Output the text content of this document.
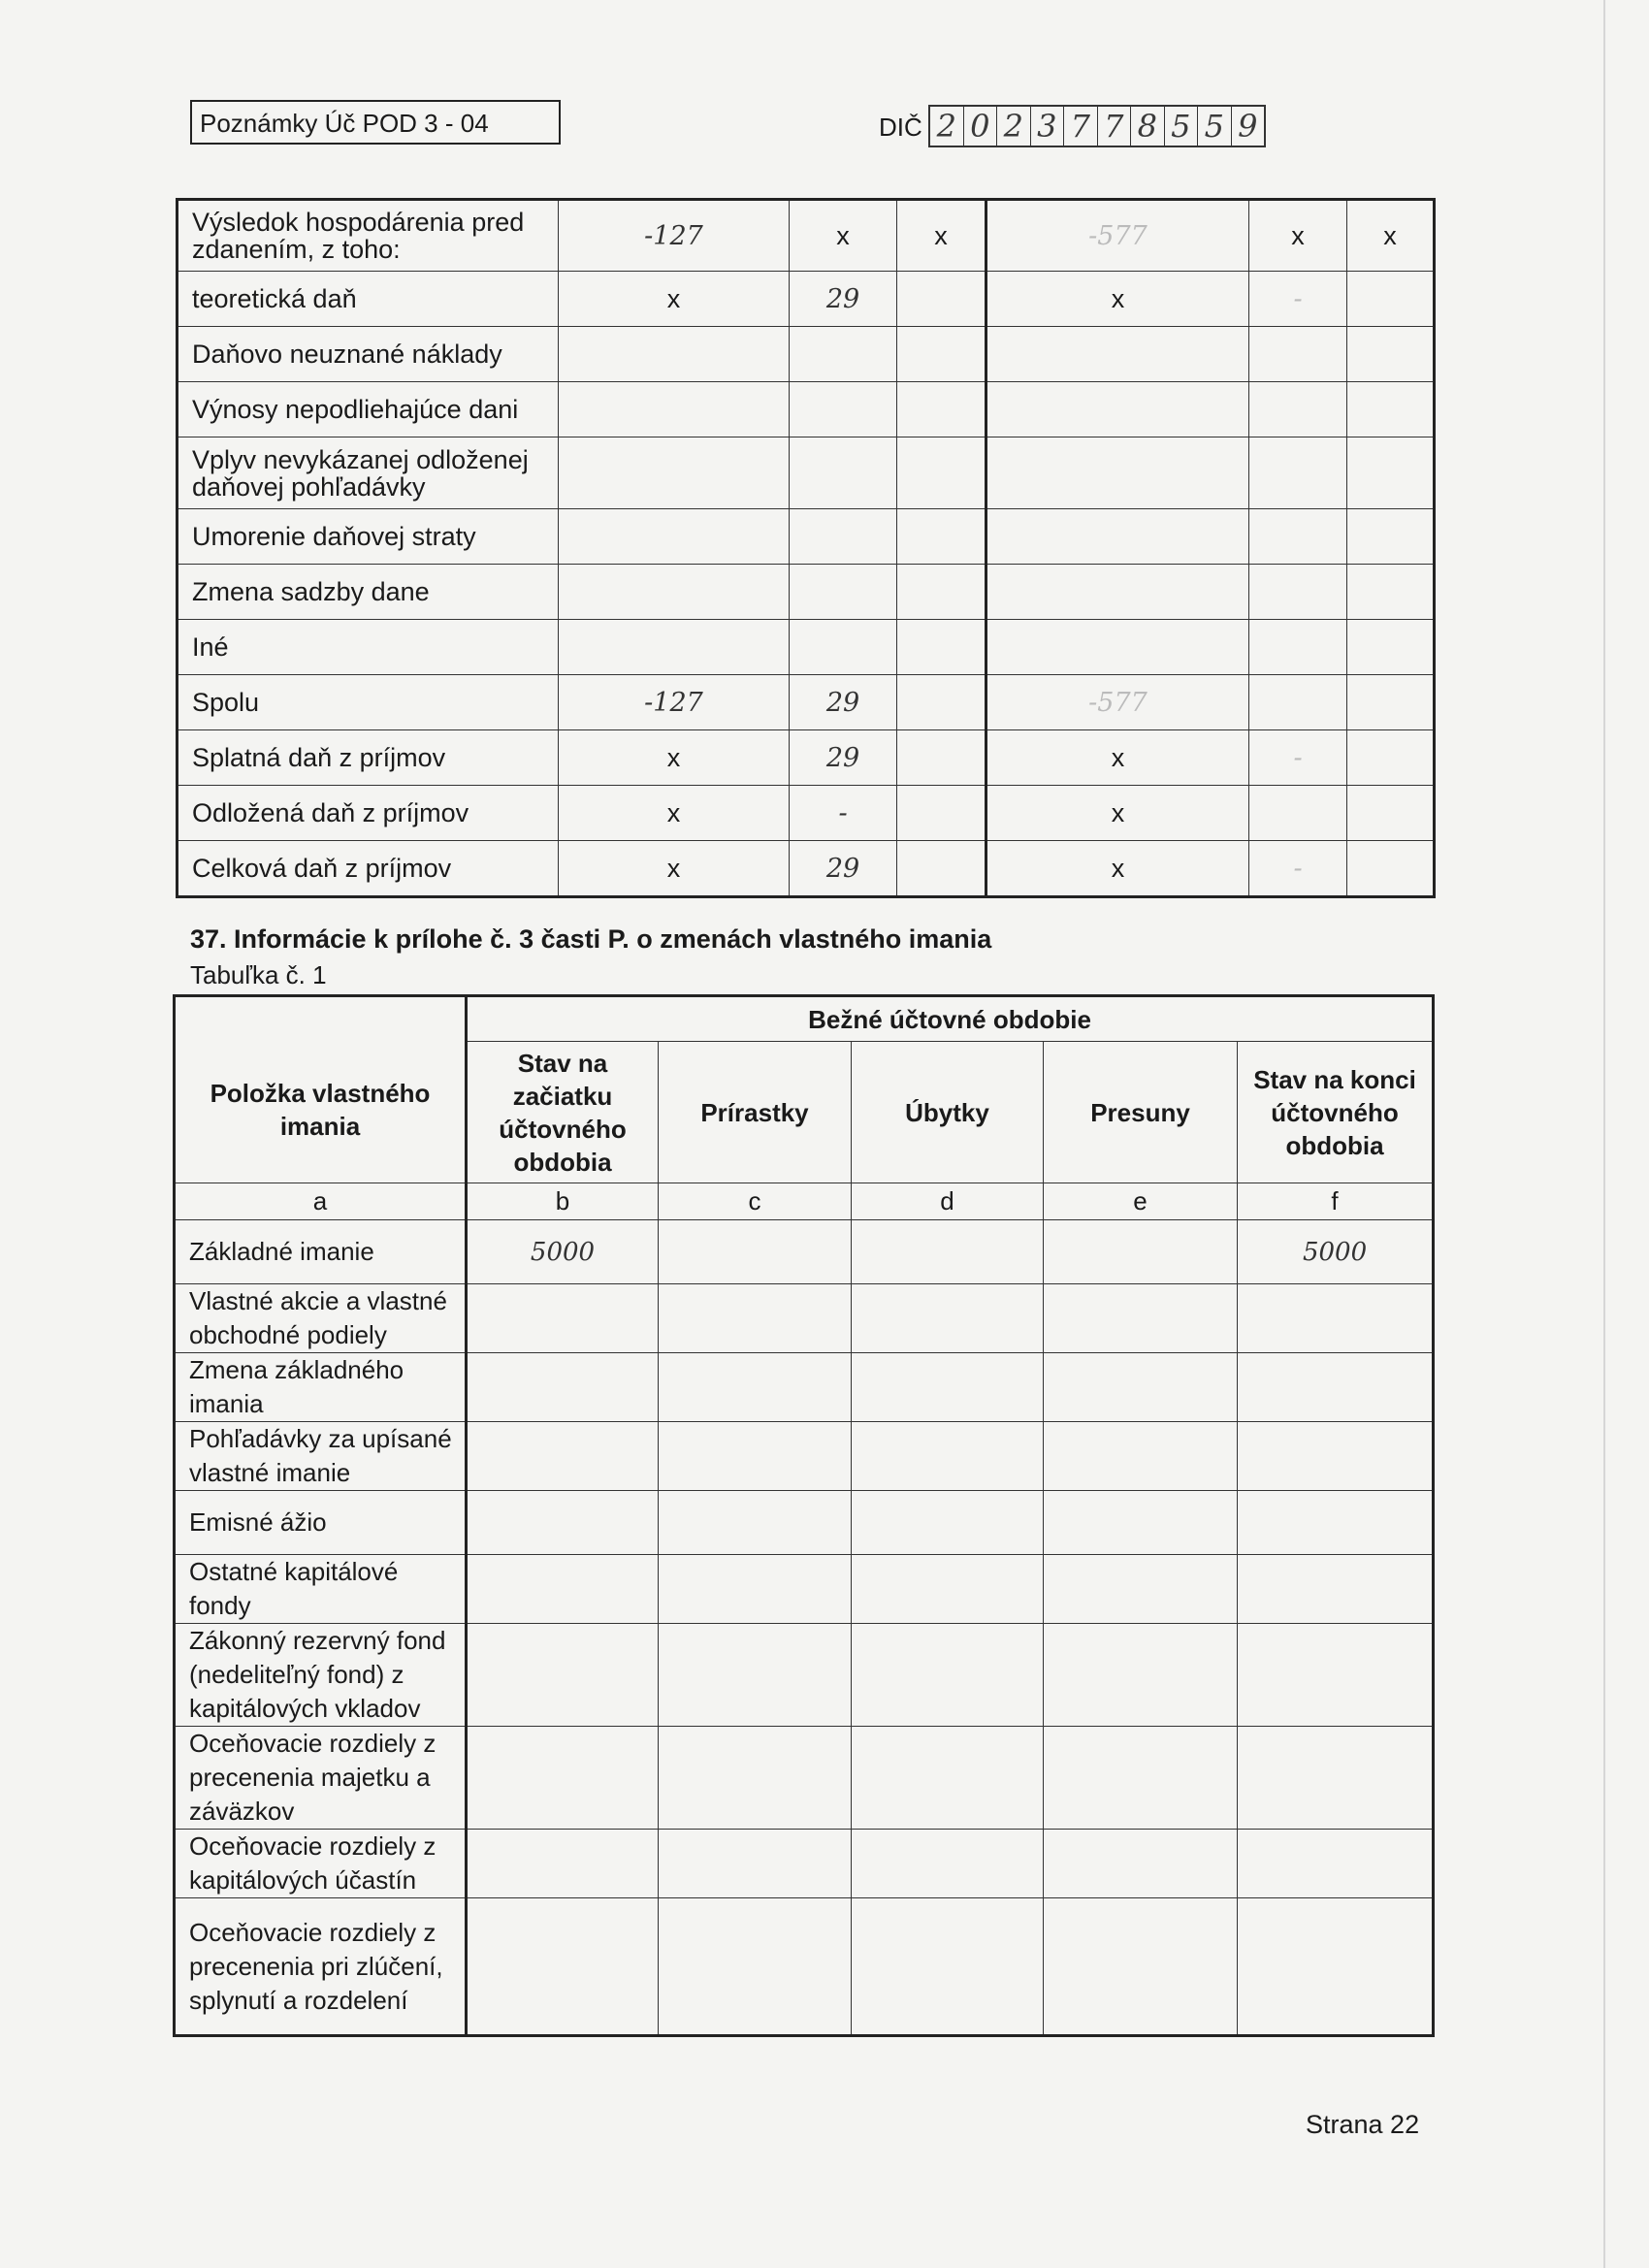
Poznámky Úč POD 3 - 04	DIČ 2 0 2 3 7 7 8 5 5 9
Výsledok hospodárenia pred zdanením, z toho:	-127	x	x	-577	x	x
teoretická daň	x	29		x	-	
Daňovo neuznané náklady						
Výnosy nepodliehajúce dani						
Vplyv nevykázanej odloženej daňovej pohľadávky						
Umorenie daňovej straty						
Zmena sadzby dane						
Iné						
Spolu	-127	29		-577		
Splatná daň z príjmov	x	29		x	-	
Odložená daň z príjmov	x	-		x		
Celková daň z príjmov	x	29		x	-	
37. Informácie k prílohe č. 3 časti P. o zmenách vlastného imania
Tabuľka č. 1
Položka vlastného imania	Bežné účtovné obdobie				
	Stav na začiatku účtovného obdobia	Prírastky	Úbytky	Presuny	Stav na konci účtovného obdobia
a	b	c	d	e	f
Základné imanie	5000				5000
Vlastné akcie a vlastné obchodné podiely					
Zmena základného imania					
Pohľadávky za upísané vlastné imanie					
Emisné ážio					
Ostatné kapitálové fondy					
Zákonný rezervný fond (nedeliteľný fond) z kapitálových vkladov					
Oceňovacie rozdiely z precenenia majetku a záväzkov					
Oceňovacie rozdiely z kapitálových účastín					
Oceňovacie rozdiely z precenenia pri zlúčení, splynutí a rozdelení					
Strana 22
